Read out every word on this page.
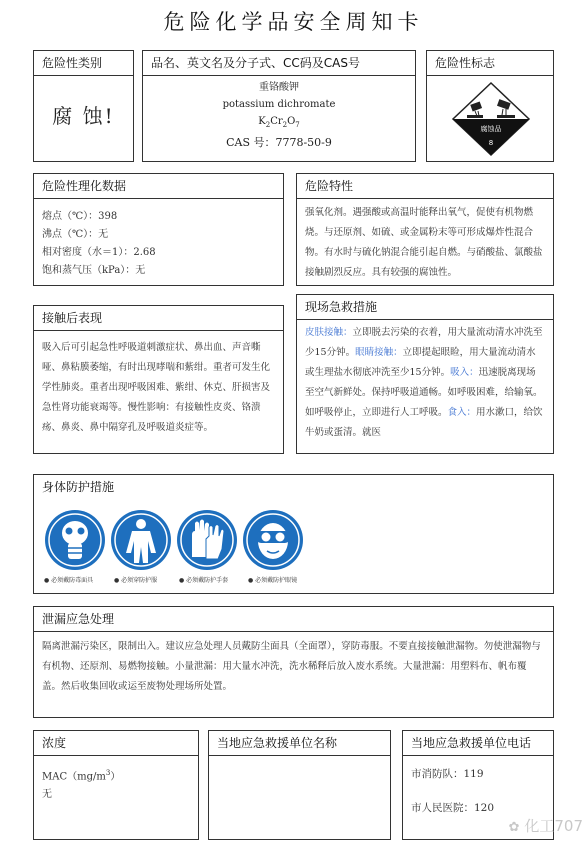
危险化学品安全周知卡
危险性类别
腐 蚀!
品名、英文名及分子式、CC码及CAS号
重铬酸钾
potassium dichromate
$K_2Cr_2O_7$
CAS 号：7778-50-9
危险性标志
腐蚀品
8
危险性理化数据
熔点（℃）：398
沸点（℃）：无
相对密度（水＝1）：2.68
饱和蒸气压（kPa）：无
危险特性
强氧化剂。遇强酸或高温时能释出氧气，促使有机物燃烧。与还原剂、如硫、或金属粉末等可形成爆炸性混合物。有水时与硫化钠混合能引起自燃。与硝酸盐、氯酸盐接触剧烈反应。具有较强的腐蚀性。
接触后表现
吸入后可引起急性呼吸道刺激症状、鼻出血、声音嘶哑、鼻粘膜萎缩，有时出现哮喘和紫绀。重者可发生化学性肺炎。重者出现呼吸困难、紫绀、休克、肝损害及急性肾功能衰竭等。慢性影响：有接触性皮炎、铬溃疡、鼻炎、鼻中隔穿孔及呼吸道炎症等。
现场急救措施
皮肤接触：立即脱去污染的衣着，用大量流动清水冲洗至少15分钟。眼睛接触：立即提起眼睑，用大量流动清水或生理盐水彻底冲洗至少15分钟。吸入：迅速脱离现场至空气新鲜处。保持呼吸道通畅。如呼吸困难，给输氧。如呼吸停止，立即进行人工呼吸。食入：用水漱口，给饮牛奶或蛋清。就医
身体防护措施
● 必须戴防毒面具	● 必须穿防护服	● 必须戴防护手套	● 必须戴防护眼镜
泄漏应急处理
隔离泄漏污染区，限制出入。建议应急处理人员戴防尘面具（全面罩），穿防毒服。不要直接接触泄漏物。勿使泄漏物与有机物、还原剂、易燃物接触。小量泄漏：用大量水冲洗，洗水稀释后放入废水系统。大量泄漏：用塑料布、帆布覆盖。然后收集回收或运至废物处理场所处置。
浓度
$MAC(mg/m^3)$
无
当地应急救援单位名称	当地应急救援单位电话
市消防队：119
市人民医院：120
✿ 化工707
